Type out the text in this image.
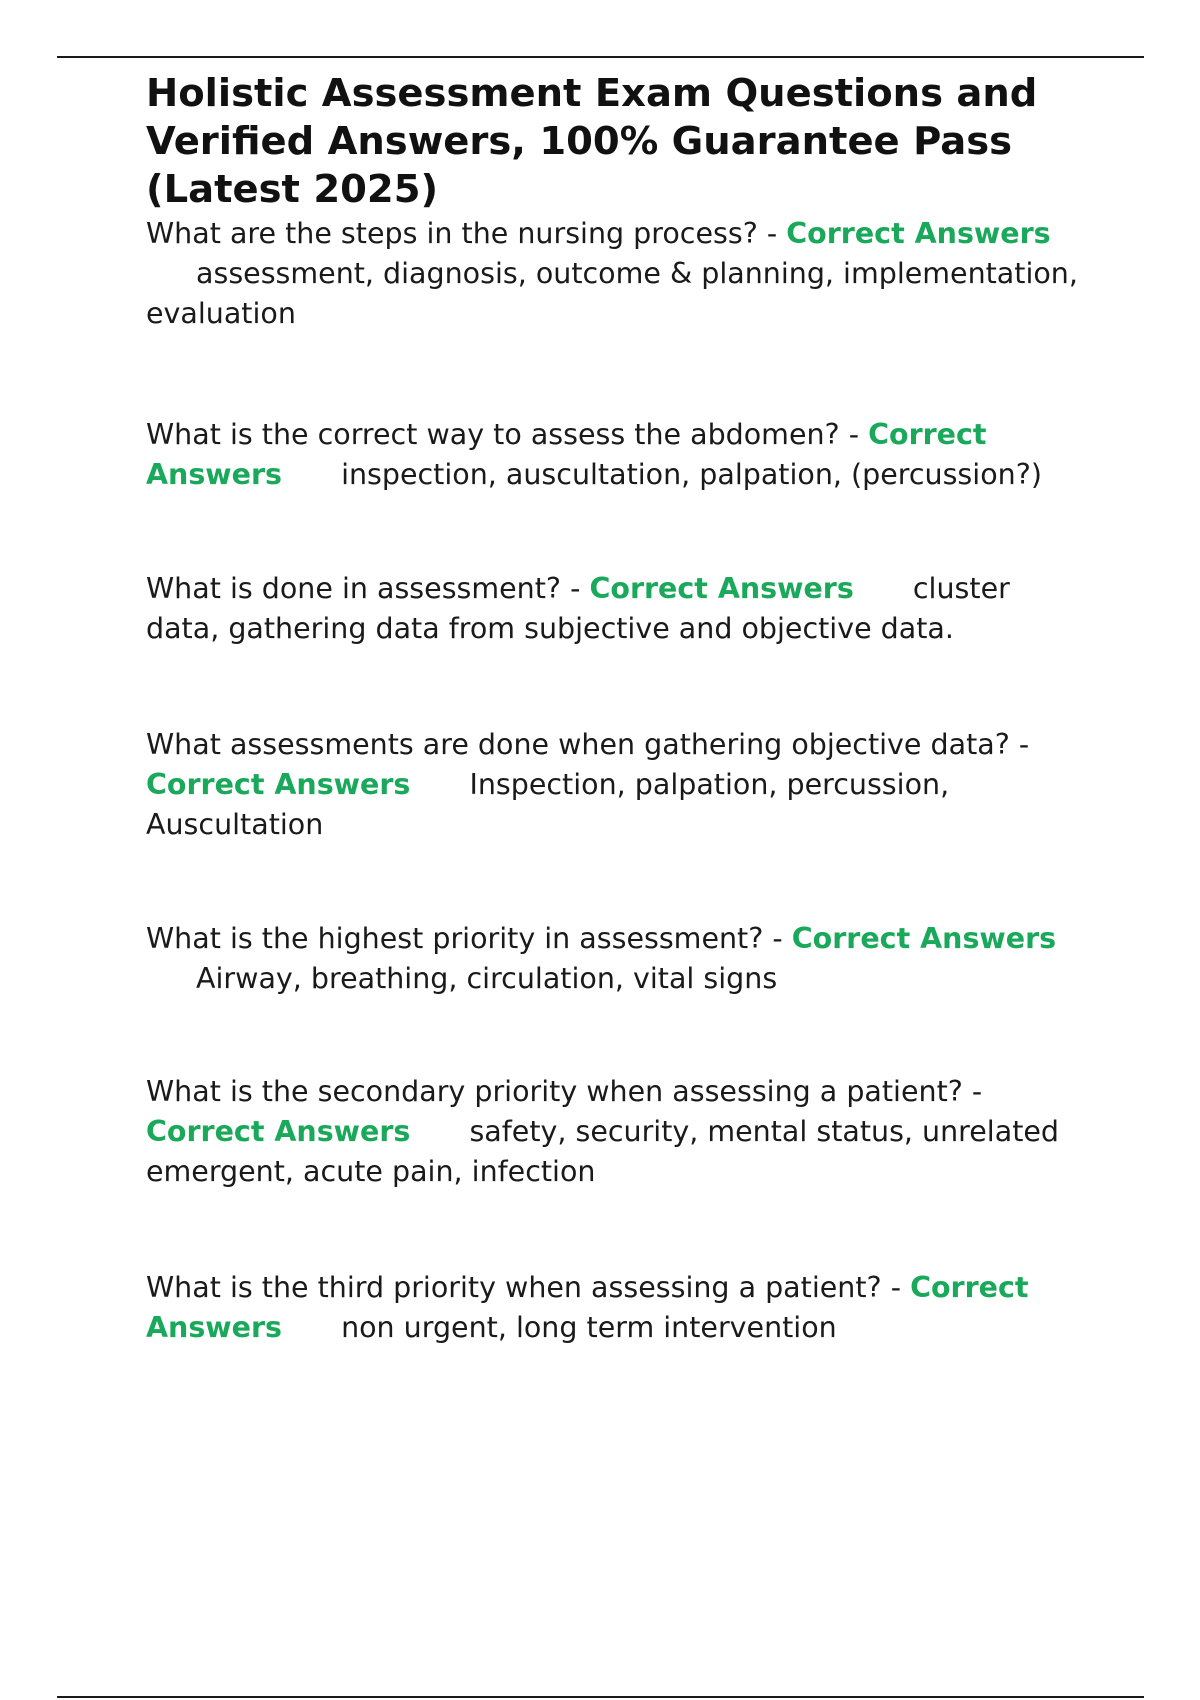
Holistic Assessment Exam Questions and Verified Answers, 100% Guarantee Pass (Latest 2025)
What are the steps in the nursing process? - Correct Answers assessment, diagnosis, outcome & planning, implementation, evaluation
What is the correct way to assess the abdomen? - Correct Answers inspection, auscultation, palpation, (percussion?)
What is done in assessment? - Correct Answers cluster data, gathering data from subjective and objective data.
What assessments are done when gathering objective data? - Correct Answers Inspection, palpation, percussion, Auscultation
What is the highest priority in assessment? - Correct Answers Airway, breathing, circulation, vital signs
What is the secondary priority when assessing a patient? - Correct Answers safety, security, mental status, unrelated emergent, acute pain, infection
What is the third priority when assessing a patient? - Correct Answers non urgent, long term intervention
